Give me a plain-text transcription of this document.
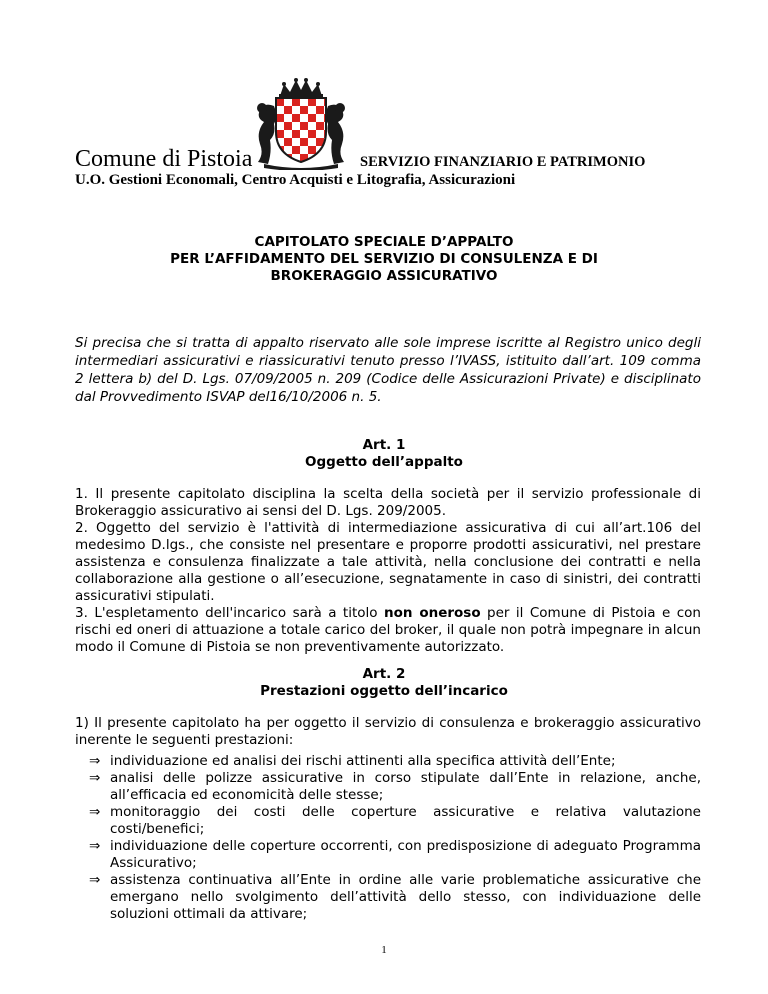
Comune di Pistoia	SERVIZIO FINANZIARIO E PATRIMONIO
U.O. Gestioni Economali, Centro Acquisti e Litografia, Assicurazioni
CAPITOLATO SPECIALE D’APPALTO
PER L’AFFIDAMENTO DEL SERVIZIO DI CONSULENZA E DI
BROKERAGGIO ASSICURATIVO
Si precisa che si tratta di appalto riservato alle sole imprese iscritte al Registro unico degli intermediari assicurativi e riassicurativi tenuto presso l’IVASS, istituito dall’art. 109 comma 2 lettera b) del D. Lgs. 07/09/2005 n. 209 (Codice delle Assicurazioni Private) e disciplinato dal Provvedimento ISVAP del16/10/2006 n. 5.
Art. 1
Oggetto dell’appalto

1. Il presente capitolato disciplina la scelta della società per il servizio professionale di Brokeraggio assicurativo ai sensi del D. Lgs. 209/2005.

2. Oggetto del servizio è l'attività di intermediazione assicurativa di cui all’art.106 del medesimo D.lgs., che consiste nel presentare e proporre prodotti assicurativi, nel prestare assistenza e consulenza finalizzate a tale attività, nella conclusione dei contratti e nella collaborazione alla gestione o all’esecuzione, segnatamente in caso di sinistri, dei contratti assicurativi stipulati.

3. L'espletamento dell'incarico sarà a titolo non oneroso per il Comune di Pistoia e con rischi ed oneri di attuazione a totale carico del broker, il quale non potrà impegnare in alcun modo il Comune di Pistoia se non preventivamente autorizzato.

Art. 2
Prestazioni oggetto dell’incarico
1) Il presente capitolato ha per oggetto il servizio di consulenza e brokeraggio assicurativo inerente le seguenti prestazioni:
⇒ individuazione ed analisi dei rischi attinenti alla specifica attività dell’Ente;
⇒ analisi delle polizze assicurative in corso stipulate dall’Ente in relazione, anche, all’efficacia ed economicità delle stesse;
⇒ monitoraggio dei costi delle coperture assicurative e relativa valutazione costi/benefici;
⇒ individuazione delle coperture occorrenti, con predisposizione di adeguato Programma Assicurativo;
⇒ assistenza continuativa all’Ente in ordine alle varie problematiche assicurative che emergano nello svolgimento dell’attività dello stesso, con individuazione delle soluzioni ottimali da attivare;
1
